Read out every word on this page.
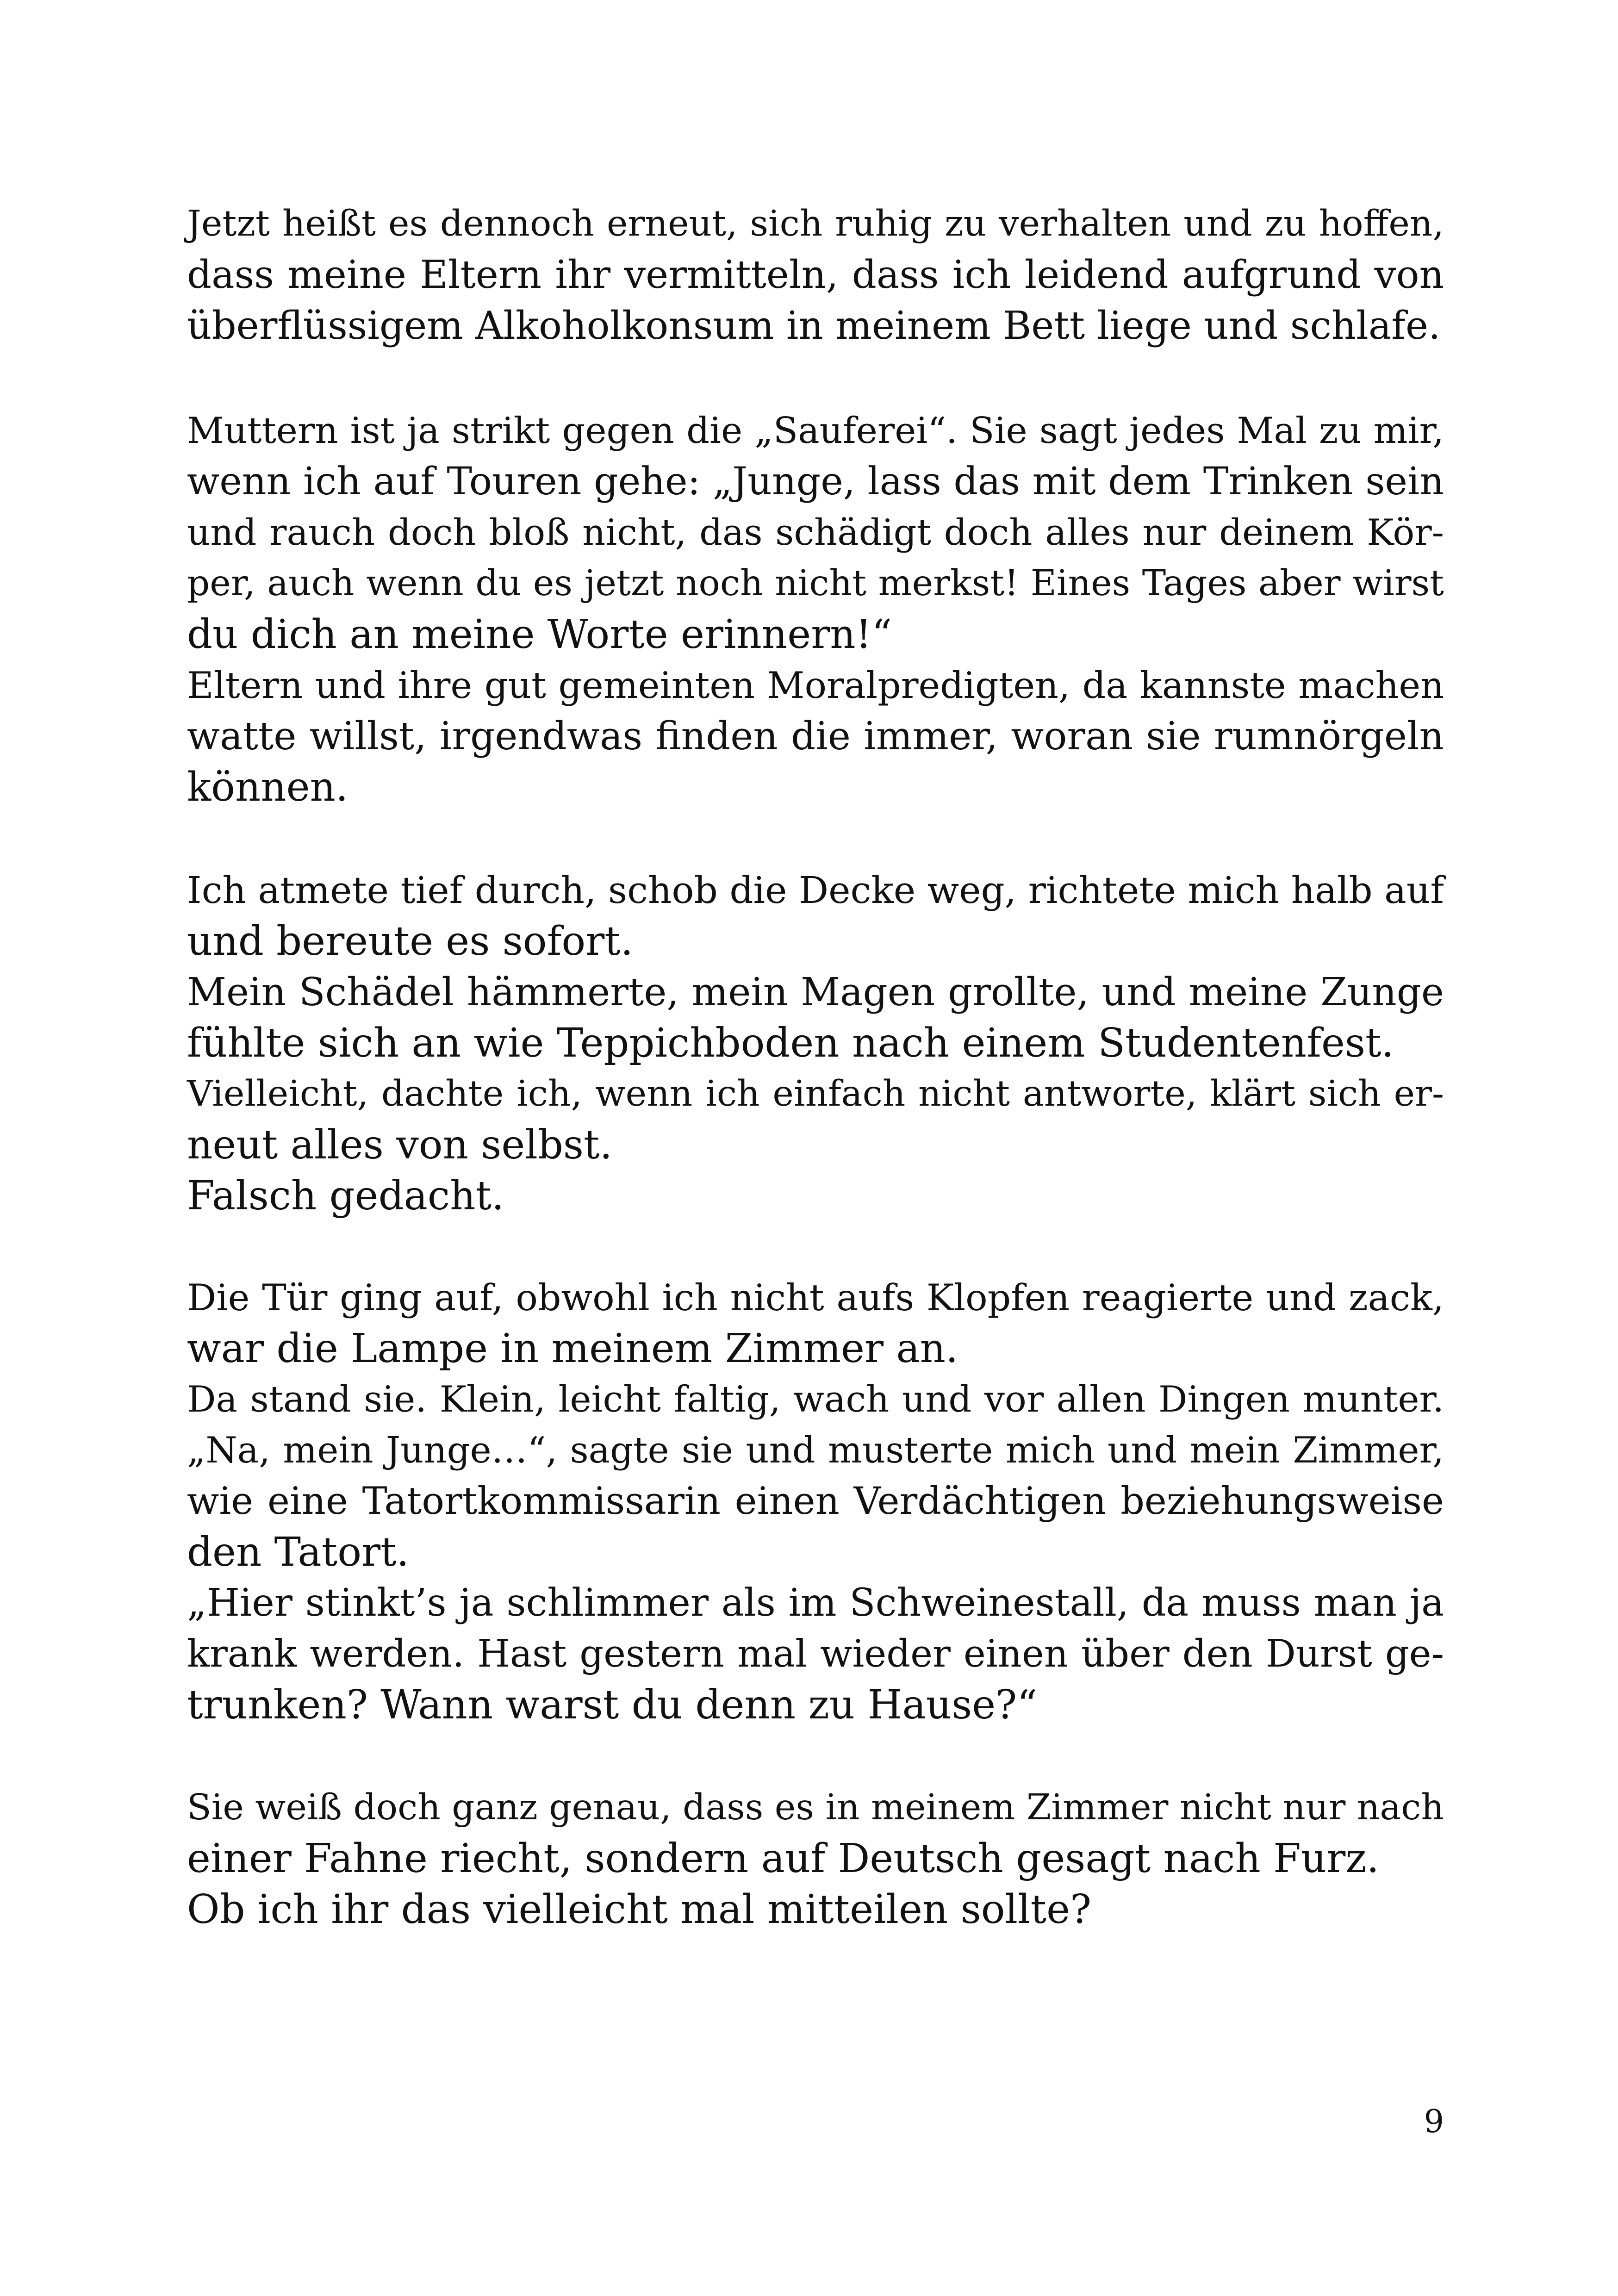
Jetzt heißt es dennoch erneut, sich ruhig zu verhalten und zu hoffen,
dass meine Eltern ihr vermitteln, dass ich leidend aufgrund von
überflüssigem Alkoholkonsum in meinem Bett liege und schlafe.
Muttern ist ja strikt gegen die „Sauferei“. Sie sagt jedes Mal zu mir,
wenn ich auf Touren gehe: „Junge, lass das mit dem Trinken sein
und rauch doch bloß nicht, das schädigt doch alles nur deinem Kör-
per, auch wenn du es jetzt noch nicht merkst! Eines Tages aber wirst
du dich an meine Worte erinnern!“
Eltern und ihre gut gemeinten Moralpredigten, da kannste machen
watte willst, irgendwas finden die immer, woran sie rumnörgeln
können.
Ich atmete tief durch, schob die Decke weg, richtete mich halb auf
und bereute es sofort.
Mein Schädel hämmerte, mein Magen grollte, und meine Zunge
fühlte sich an wie Teppichboden nach einem Studentenfest.
Vielleicht, dachte ich, wenn ich einfach nicht antworte, klärt sich er-
neut alles von selbst.
Falsch gedacht.
Die Tür ging auf, obwohl ich nicht aufs Klopfen reagierte und zack,
war die Lampe in meinem Zimmer an.
Da stand sie. Klein, leicht faltig, wach und vor allen Dingen munter.
„Na, mein Junge…“, sagte sie und musterte mich und mein Zimmer,
wie eine Tatortkommissarin einen Verdächtigen beziehungsweise
den Tatort.
„Hier stinkt’s ja schlimmer als im Schweinestall, da muss man ja
krank werden. Hast gestern mal wieder einen über den Durst ge-
trunken? Wann warst du denn zu Hause?“
Sie weiß doch ganz genau, dass es in meinem Zimmer nicht nur nach
einer Fahne riecht, sondern auf Deutsch gesagt nach Furz.
Ob ich ihr das vielleicht mal mitteilen sollte?
9
